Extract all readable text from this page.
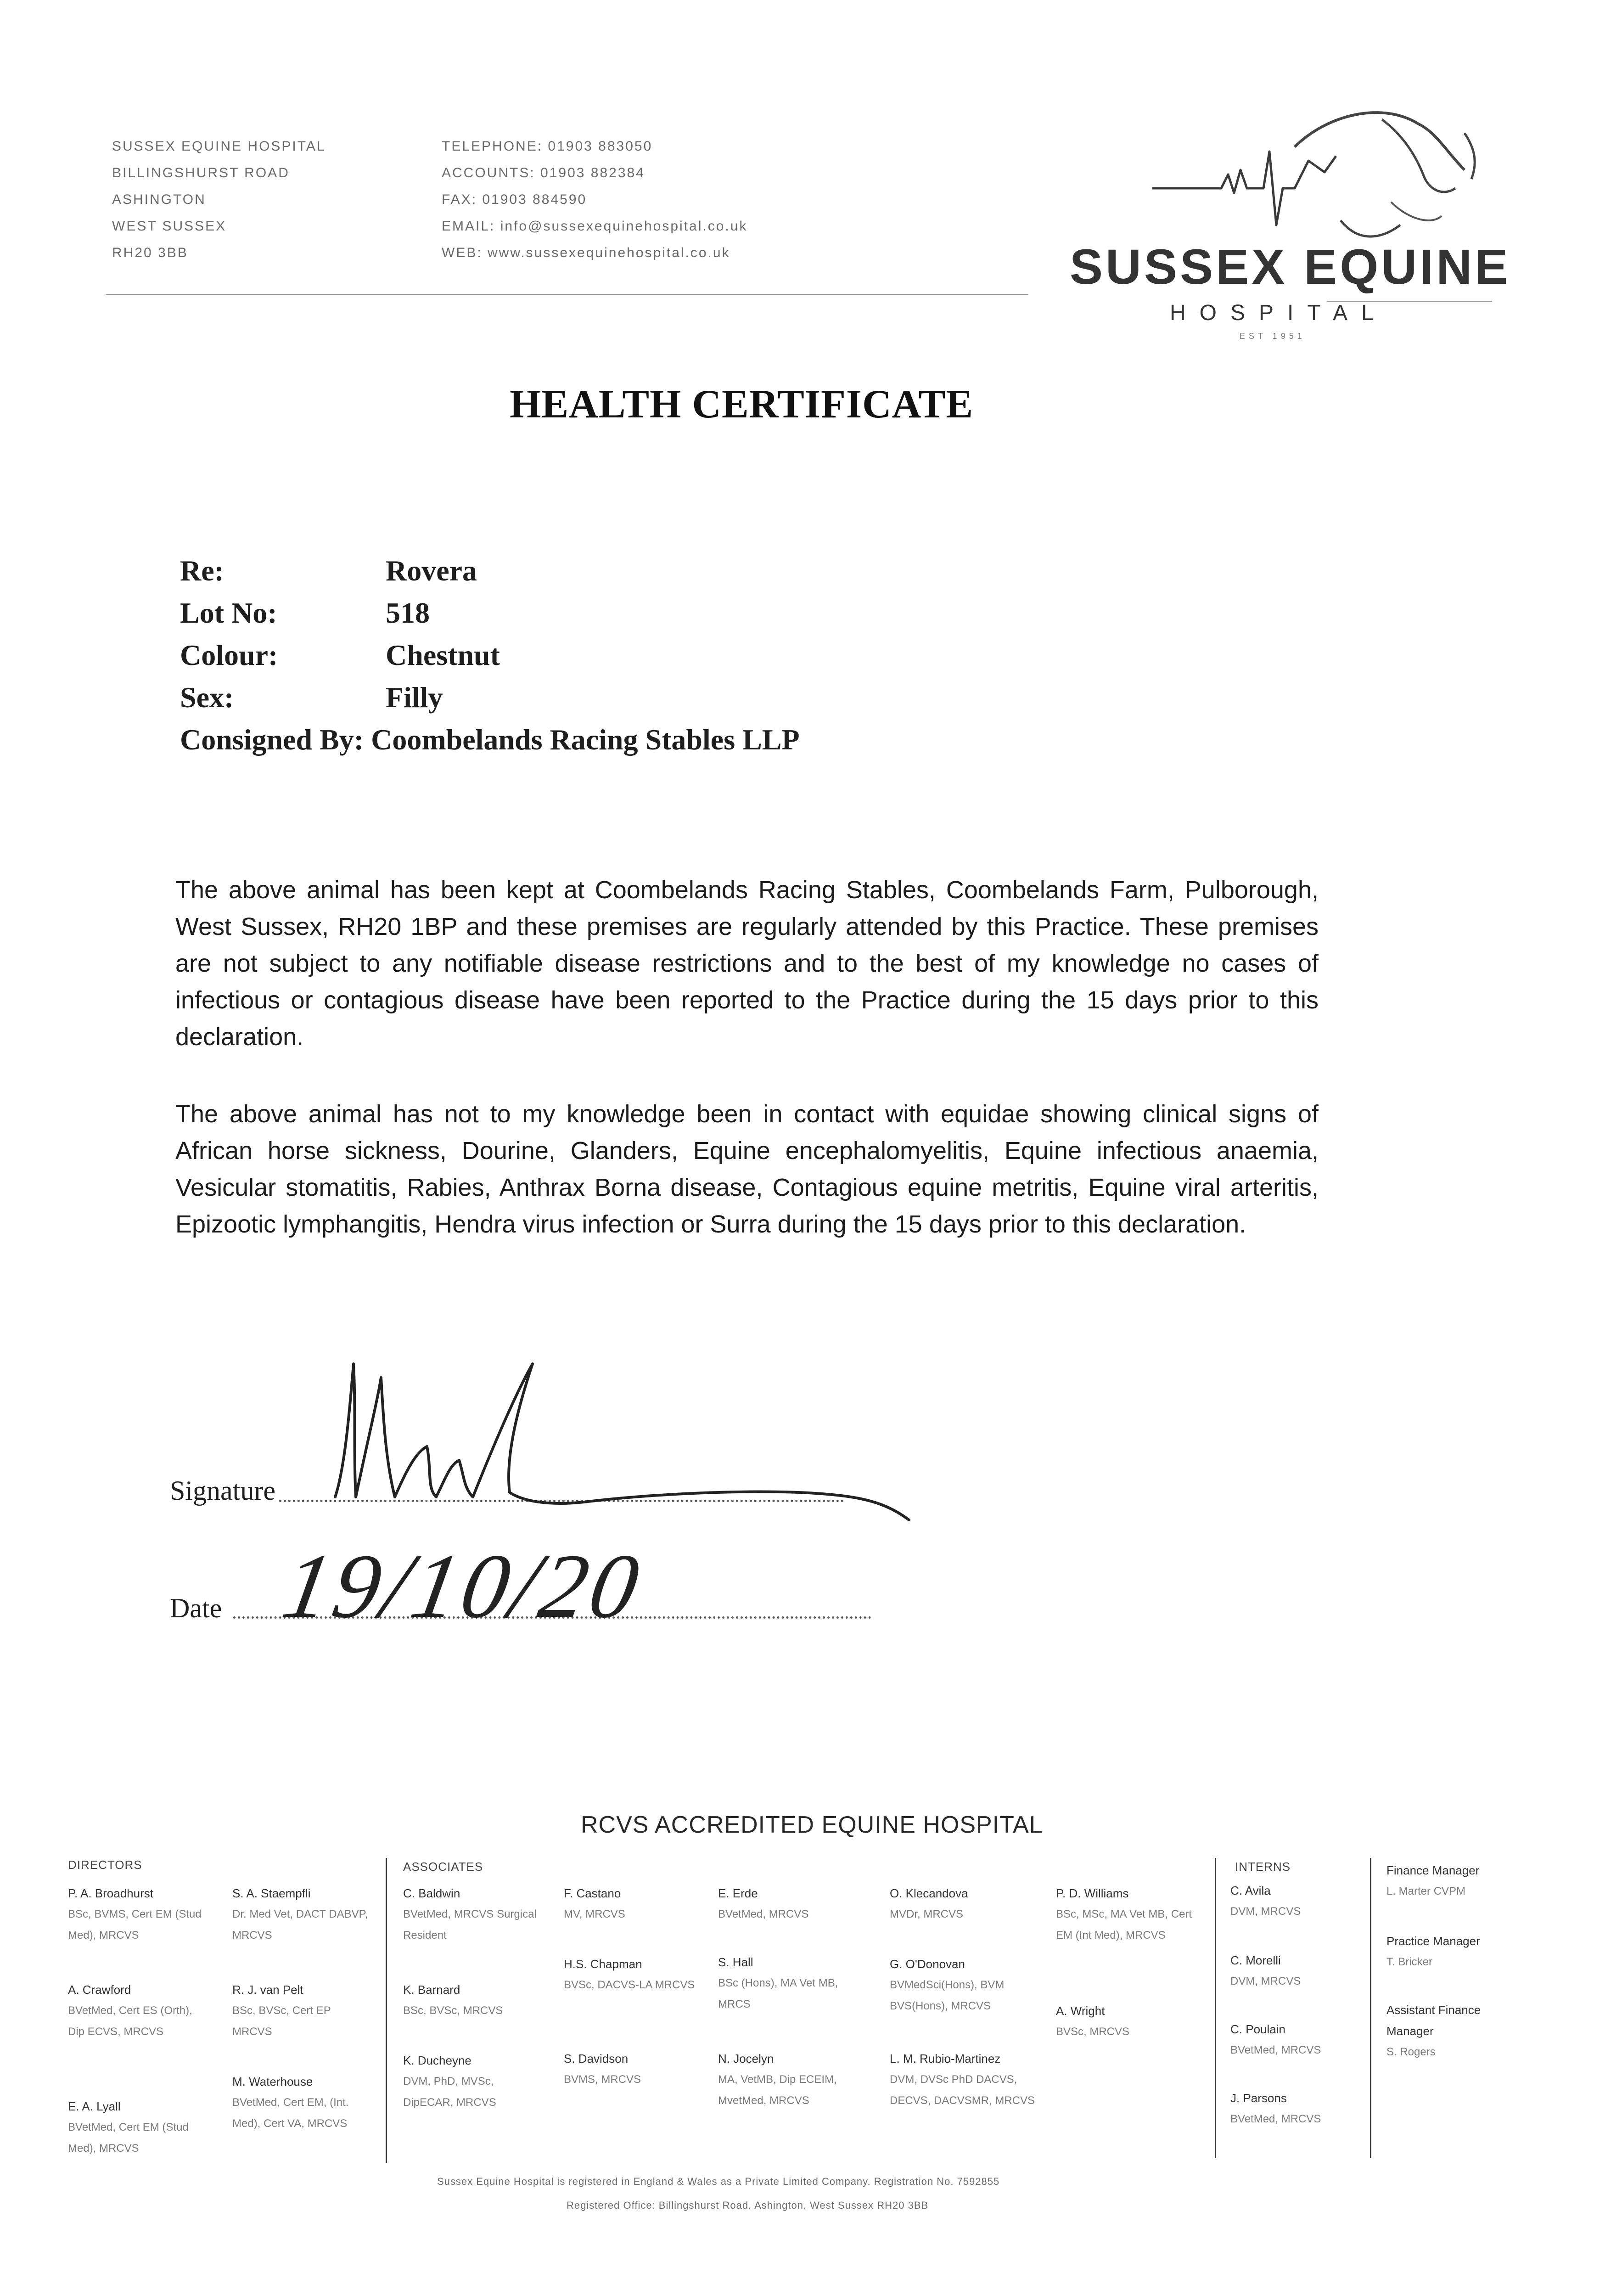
SUSSEX EQUINE HOSPITAL
BILLINGSHURST ROAD
ASHINGTON
WEST SUSSEX
RH20 3BB
TELEPHONE: 01903 883050
ACCOUNTS: 01903 882384
FAX: 01903 884590
EMAIL: info@sussexequinehospital.co.uk
WEB: www.sussexequinehospital.co.uk	SUSSEX EQUINE
HOSPITAL
EST 1951
HEALTH CERTIFICATE
Re:	Rovera
Lot No:	518
Colour:	Chestnut
Sex:	Filly
Consigned By: Coombelands Racing Stables LLP
The above animal has been kept at Coombelands Racing Stables, Coombelands Farm, Pulborough, West Sussex, RH20 1BP and these premises are regularly attended by this Practice. These premises are not subject to any notifiable disease restrictions and to the best of my knowledge no cases of infectious or contagious disease have been reported to the Practice during the 15 days prior to this declaration.
The above animal has not to my knowledge been in contact with equidae showing clinical signs of African horse sickness, Dourine, Glanders, Equine encephalomyelitis, Equine infectious anaemia, Vesicular stomatitis, Rabies, Anthrax Borna disease, Contagious equine metritis, Equine viral arteritis, Epizootic lymphangitis, Hendra virus infection or Surra during the 15 days prior to this declaration.
Signature
Date 19/10/20
RCVS ACCREDITED EQUINE HOSPITAL
DIRECTORS	ASSOCIATES	INTERNS
P. A. Broadhurst
BSc, BVMS, Cert EM (Stud Med), MRCVS
A. Crawford
BVetMed, Cert ES (Orth), Dip ECVS, MRCVS
E. A. Lyall
BVetMed, Cert EM (Stud Med), MRCVS
S. A. Staempfli
Dr. Med Vet, DACT DABVP, MRCVS
R. J. van Pelt
BSc, BVSc, Cert EP MRCVS
M. Waterhouse
BVetMed, Cert EM, (Int. Med), Cert VA, MRCVS
C. Baldwin
BVetMed, MRCVS Surgical Resident
K. Barnard
BSc, BVSc, MRCVS
K. Ducheyne
DVM, PhD, MVSc, DipECAR, MRCVS
F. Castano
MV, MRCVS
H.S. Chapman
BVSc, DACVS-LA MRCVS
S. Davidson
BVMS, MRCVS
E. Erde
BVetMed, MRCVS
S. Hall
BSc (Hons), MA Vet MB, MRCS
N. Jocelyn
MA, VetMB, Dip ECEIM, MvetMed, MRCVS
O. Klecandova
MVDr, MRCVS
G. O'Donovan
BVMedSci(Hons), BVM BVS(Hons), MRCVS
L. M. Rubio-Martinez
DVM, DVSc PhD DACVS, DECVS, DACVSMR, MRCVS
P. D. Williams
BSc, MSc, MA Vet MB, Cert EM (Int Med), MRCVS
A. Wright
BVSc, MRCVS
C. Avila
DVM, MRCVS
C. Morelli
DVM, MRCVS
C. Poulain
BVetMed, MRCVS
J. Parsons
BVetMed, MRCVS
Finance Manager
L. Marter CVPM
Practice Manager
T. Bricker
Assistant Finance Manager
S. Rogers
Sussex Equine Hospital is registered in England & Wales as a Private Limited Company. Registration No. 7592855
Registered Office: Billingshurst Road, Ashington, West Sussex RH20 3BB
